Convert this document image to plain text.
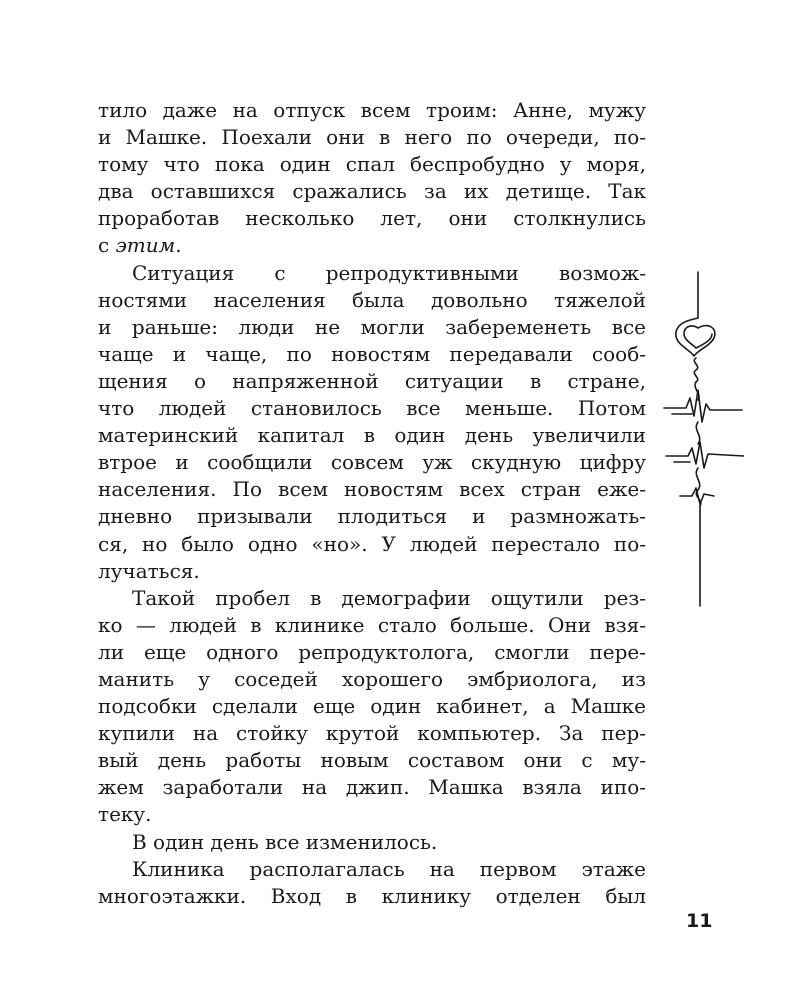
тило даже на отпуск всем троим: Анне, мужу
и Машке. Поехали они в него по очереди, по-
тому что пока один спал беспробудно у моря,
два оставшихся сражались за их детище. Так
проработав несколько лет, они столкнулись
с этим.
Ситуация с репродуктивными возмож-
ностями населения была довольно тяжелой
и раньше: люди не могли забеременеть все
чаще и чаще, по новостям передавали сооб-
щения о напряженной ситуации в стране,
что людей становилось все меньше. Потом
материнский капитал в один день увеличили
втрое и сообщили совсем уж скудную цифру
населения. По всем новостям всех стран еже-
дневно призывали плодиться и размножать-
ся, но было одно «но». У людей перестало по-
лучаться.
Такой пробел в демографии ощутили рез-
ко — людей в клинике стало больше. Они взя-
ли еще одного репродуктолога, смогли пере-
манить у соседей хорошего эмбриолога, из
подсобки сделали еще один кабинет, а Машке
купили на стойку крутой компьютер. За пер-
вый день работы новым составом они с му-
жем заработали на джип. Машка взяла ипо-
теку.
В один день все изменилось.
Клиника располагалась на первом этаже
многоэтажки. Вход в клинику отделен был
11
